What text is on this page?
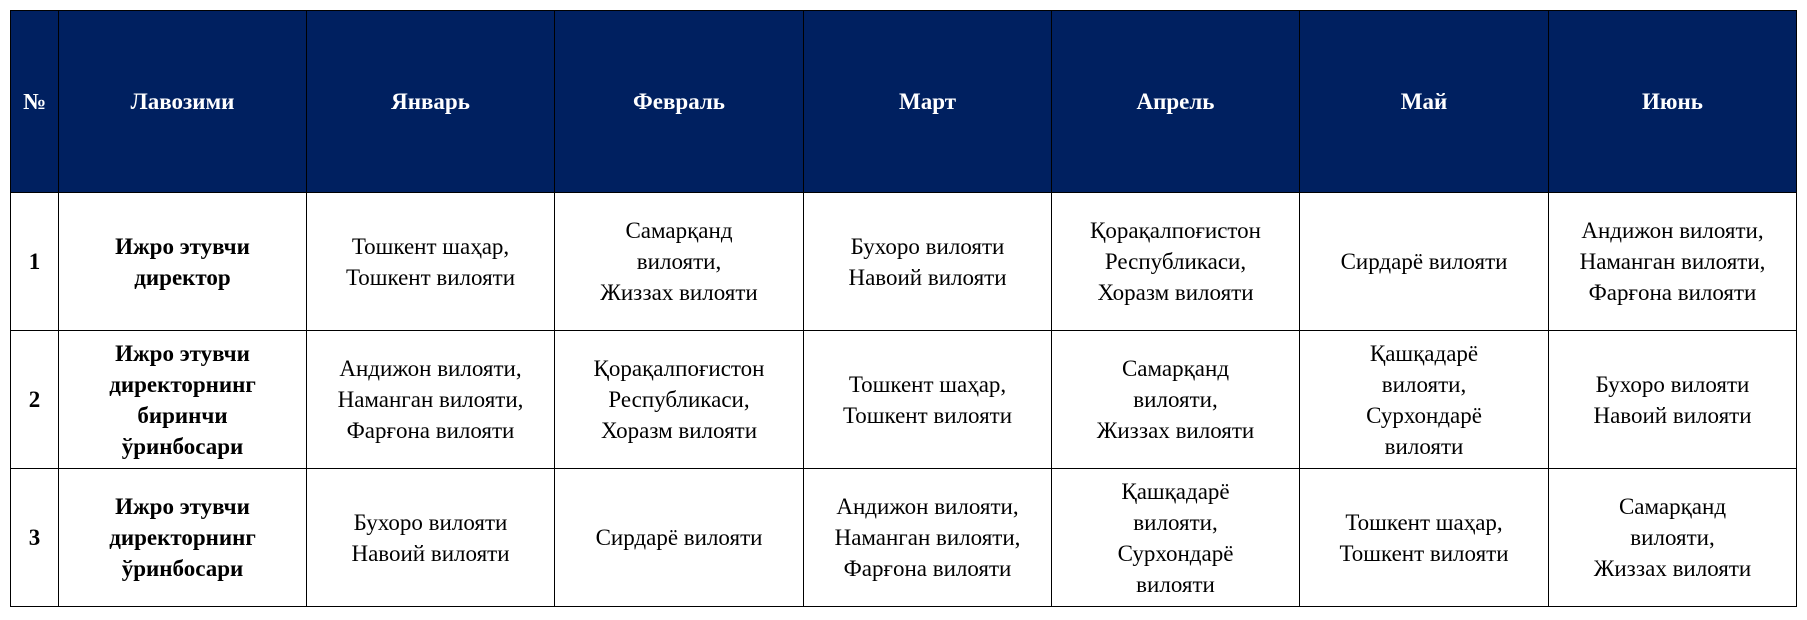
№	Лавозими	Январь	Февраль	Март	Апрель	Май	Июнь
1	Ижро этувчи
директор	Тошкент шаҳар,
Тошкент вилояти	Самарқанд
вилояти,
Жиззах вилояти	Бухоро вилояти
Навоий вилояти	Қорақалпоғистон
Республикаси,
Хоразм вилояти	Сирдарё вилояти	Андижон вилояти,
Наманган вилояти,
Фарғона вилояти

2	Ижро этувчи
директорнинг
биринчи
ўринбосари	Андижон вилояти,
Наманган вилояти,
Фарғона вилояти	Қорақалпоғистон
Республикаси,
Хоразм вилояти	Тошкент шаҳар,
Тошкент вилояти	Самарқанд
вилояти,
Жиззах вилояти	Қашқадарё
вилояти,
Сурхондарё
вилояти	Бухоро вилояти
Навоий вилояти

3	Ижро этувчи
директорнинг
ўринбосари	Бухоро вилояти
Навоий вилояти	Сирдарё вилояти	Андижон вилояти,
Наманган вилояти,
Фарғона вилояти	Қашқадарё
вилояти,
Сурхондарё
вилояти	Тошкент шаҳар,
Тошкент вилояти	Самарқанд
вилояти,
Жиззах вилояти
